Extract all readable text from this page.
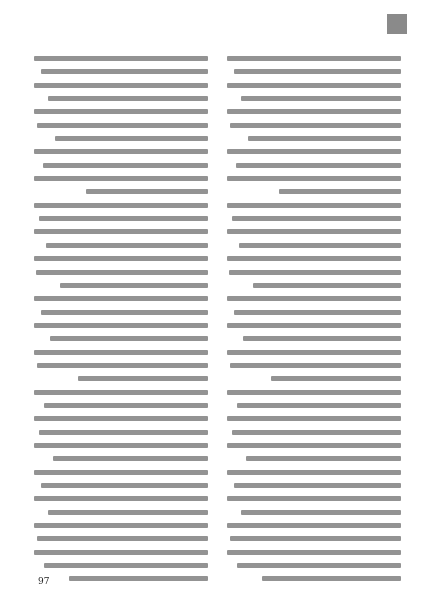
97
